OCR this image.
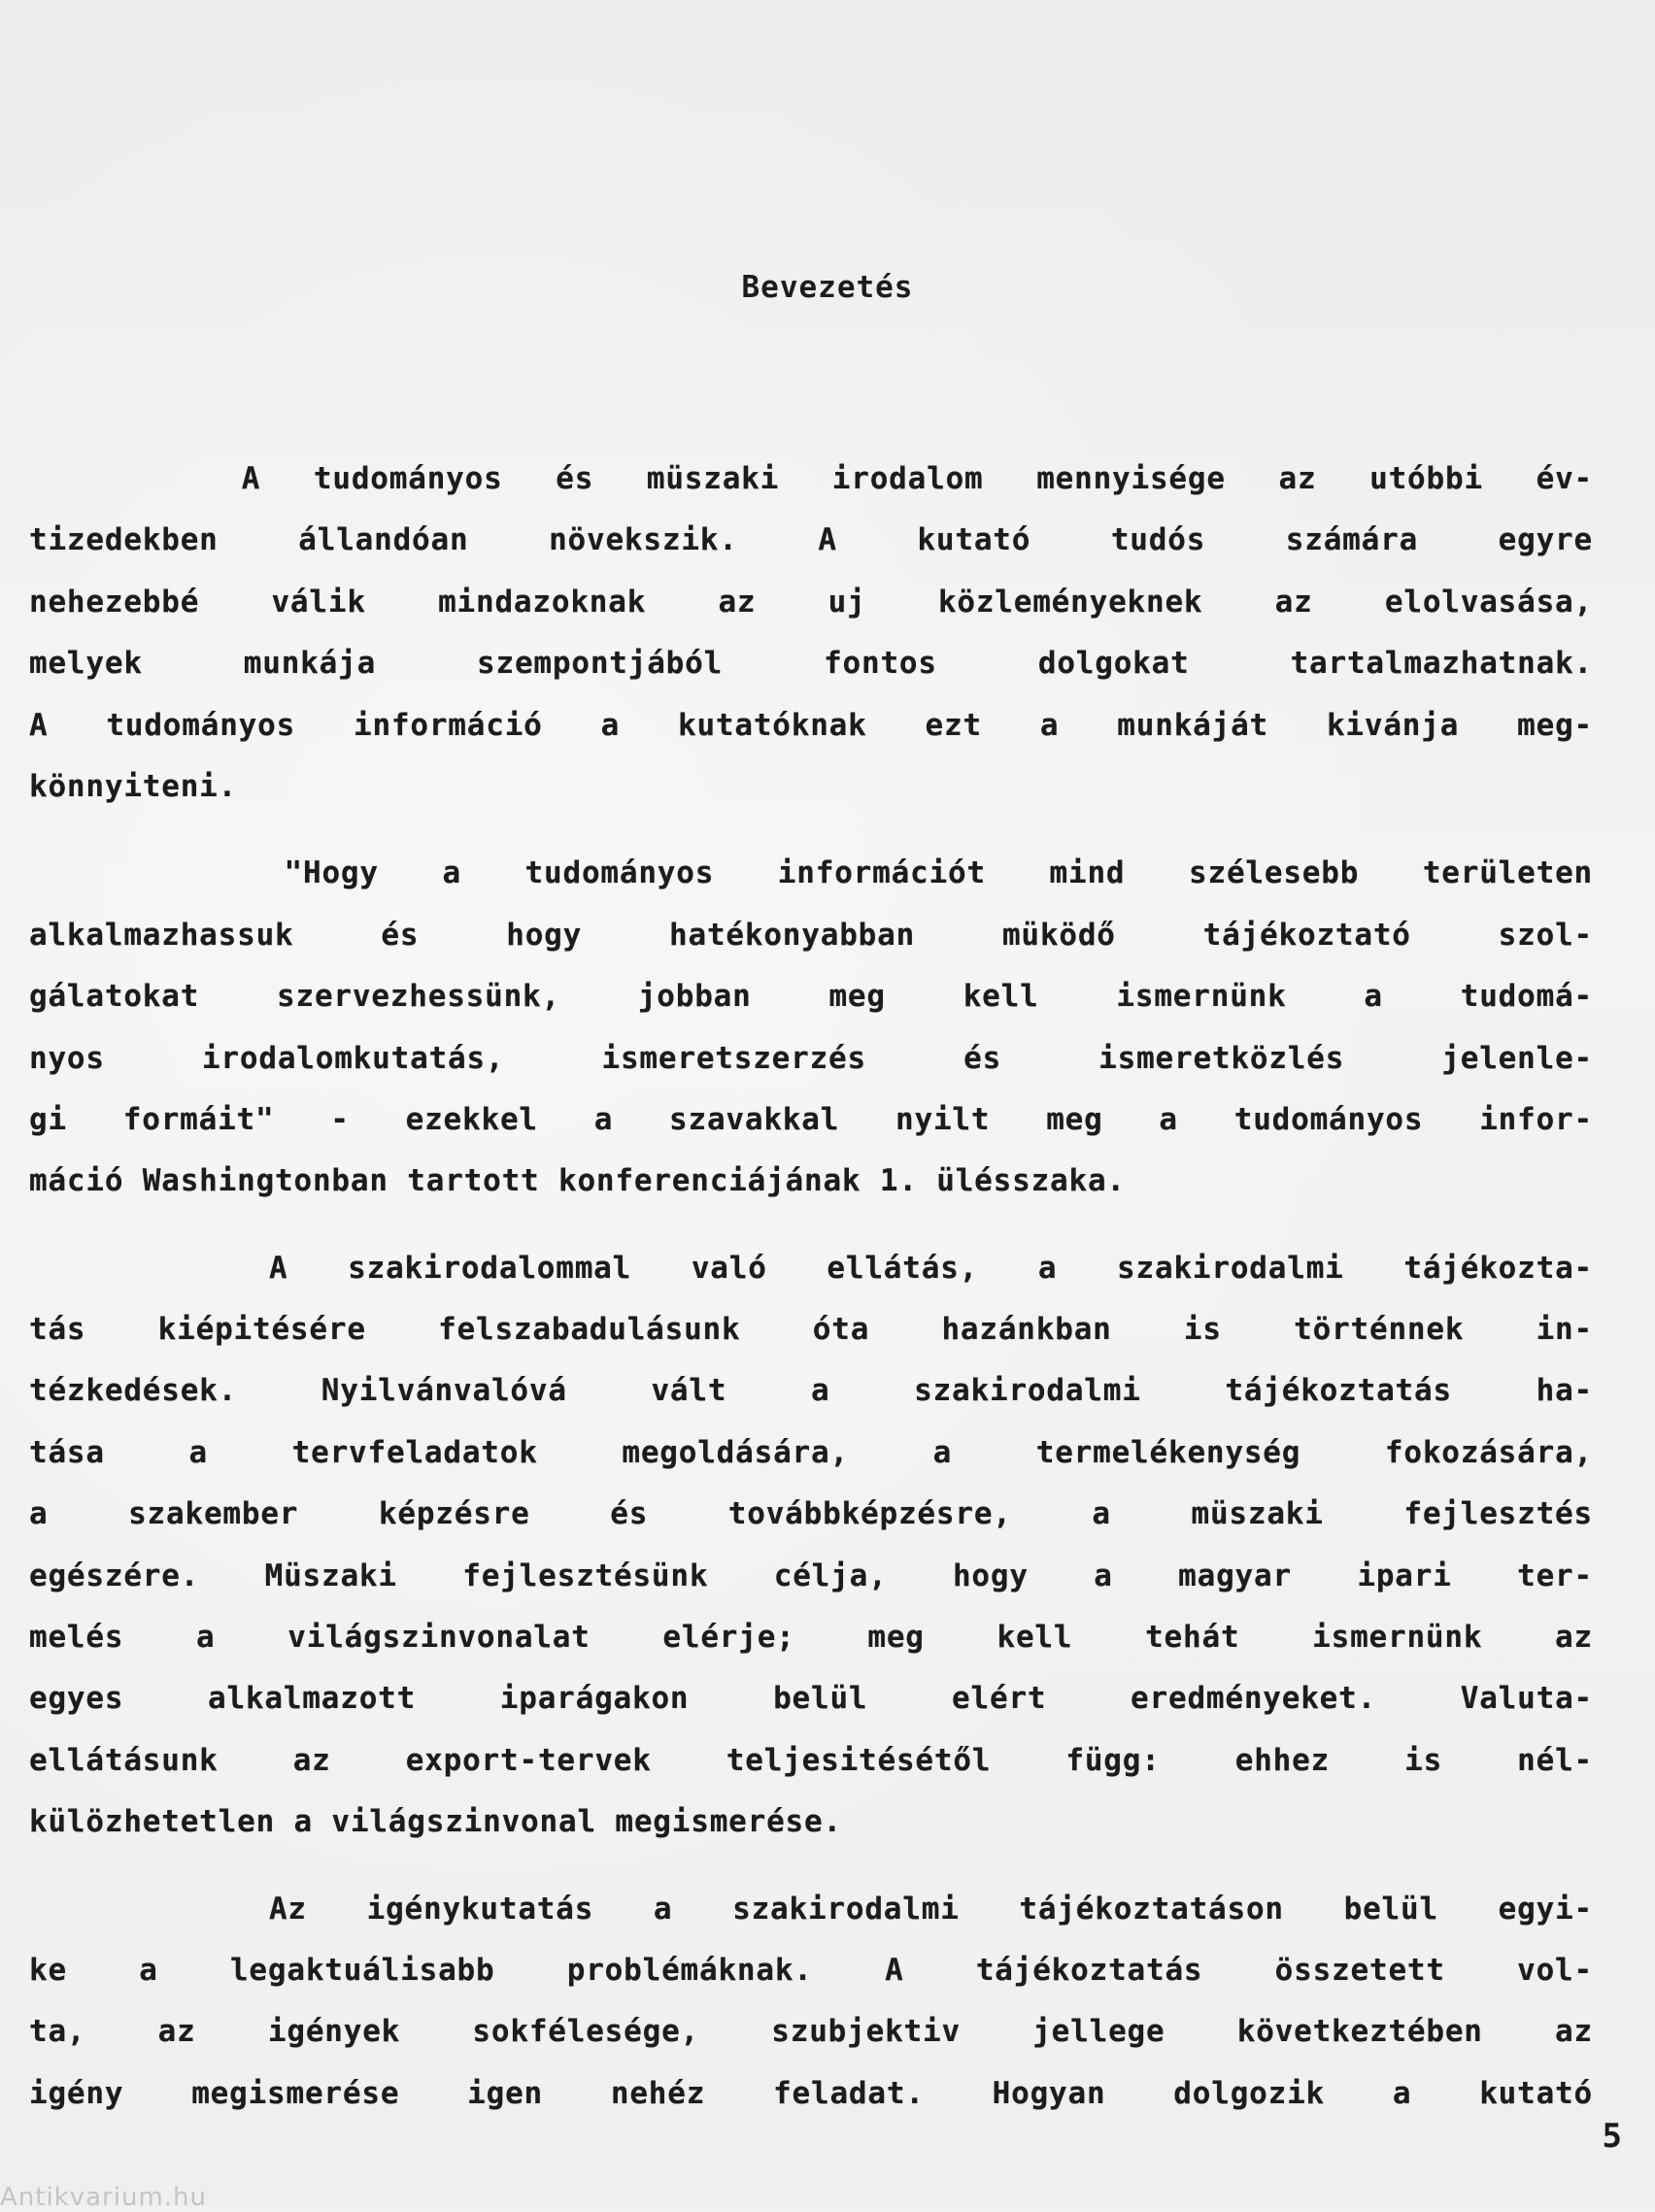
Bevezetés
A tudományos és müszaki irodalom mennyisége az utóbbi év-
tizedekben állandóan növekszik. A kutató tudós számára egyre
nehezebbé válik mindazoknak az uj közleményeknek az elolvasása,
melyek munkája szempontjából fontos dolgokat tartalmazhatnak.
A tudományos információ a kutatóknak ezt a munkáját kivánja meg-
könnyiteni.
"Hogy a tudományos információt mind szélesebb területen
alkalmazhassuk és hogy hatékonyabban müködő tájékoztató szol-
gálatokat szervezhessünk, jobban meg kell ismernünk a tudomá-
nyos irodalomkutatás, ismeretszerzés és ismeretközlés jelenle-
gi formáit" - ezekkel a szavakkal nyilt meg a tudományos infor-
máció Washingtonban tartott konferenciájának 1. ülésszaka.
A szakirodalommal való ellátás, a szakirodalmi tájékozta-
tás kiépitésére felszabadulásunk óta hazánkban is történnek in-
tézkedések. Nyilvánvalóvá vált a szakirodalmi tájékoztatás ha-
tása a tervfeladatok megoldására, a termelékenység fokozására,
a szakember képzésre és továbbképzésre, a müszaki fejlesztés
egészére. Müszaki fejlesztésünk célja, hogy a magyar ipari ter-
melés a világszinvonalat elérje; meg kell tehát ismernünk az
egyes alkalmazott iparágakon belül elért eredményeket. Valuta-
ellátásunk az export-tervek teljesitésétől függ: ehhez is nél-
külözhetetlen a világszinvonal megismerése.
Az igénykutatás a szakirodalmi tájékoztatáson belül egyi-
ke a legaktuálisabb problémáknak. A tájékoztatás összetett vol-
ta, az igények sokfélesége, szubjektiv jellege következtében az
igény megismerése igen nehéz feladat. Hogyan dolgozik a kutató
5
Antikvarium.hu
